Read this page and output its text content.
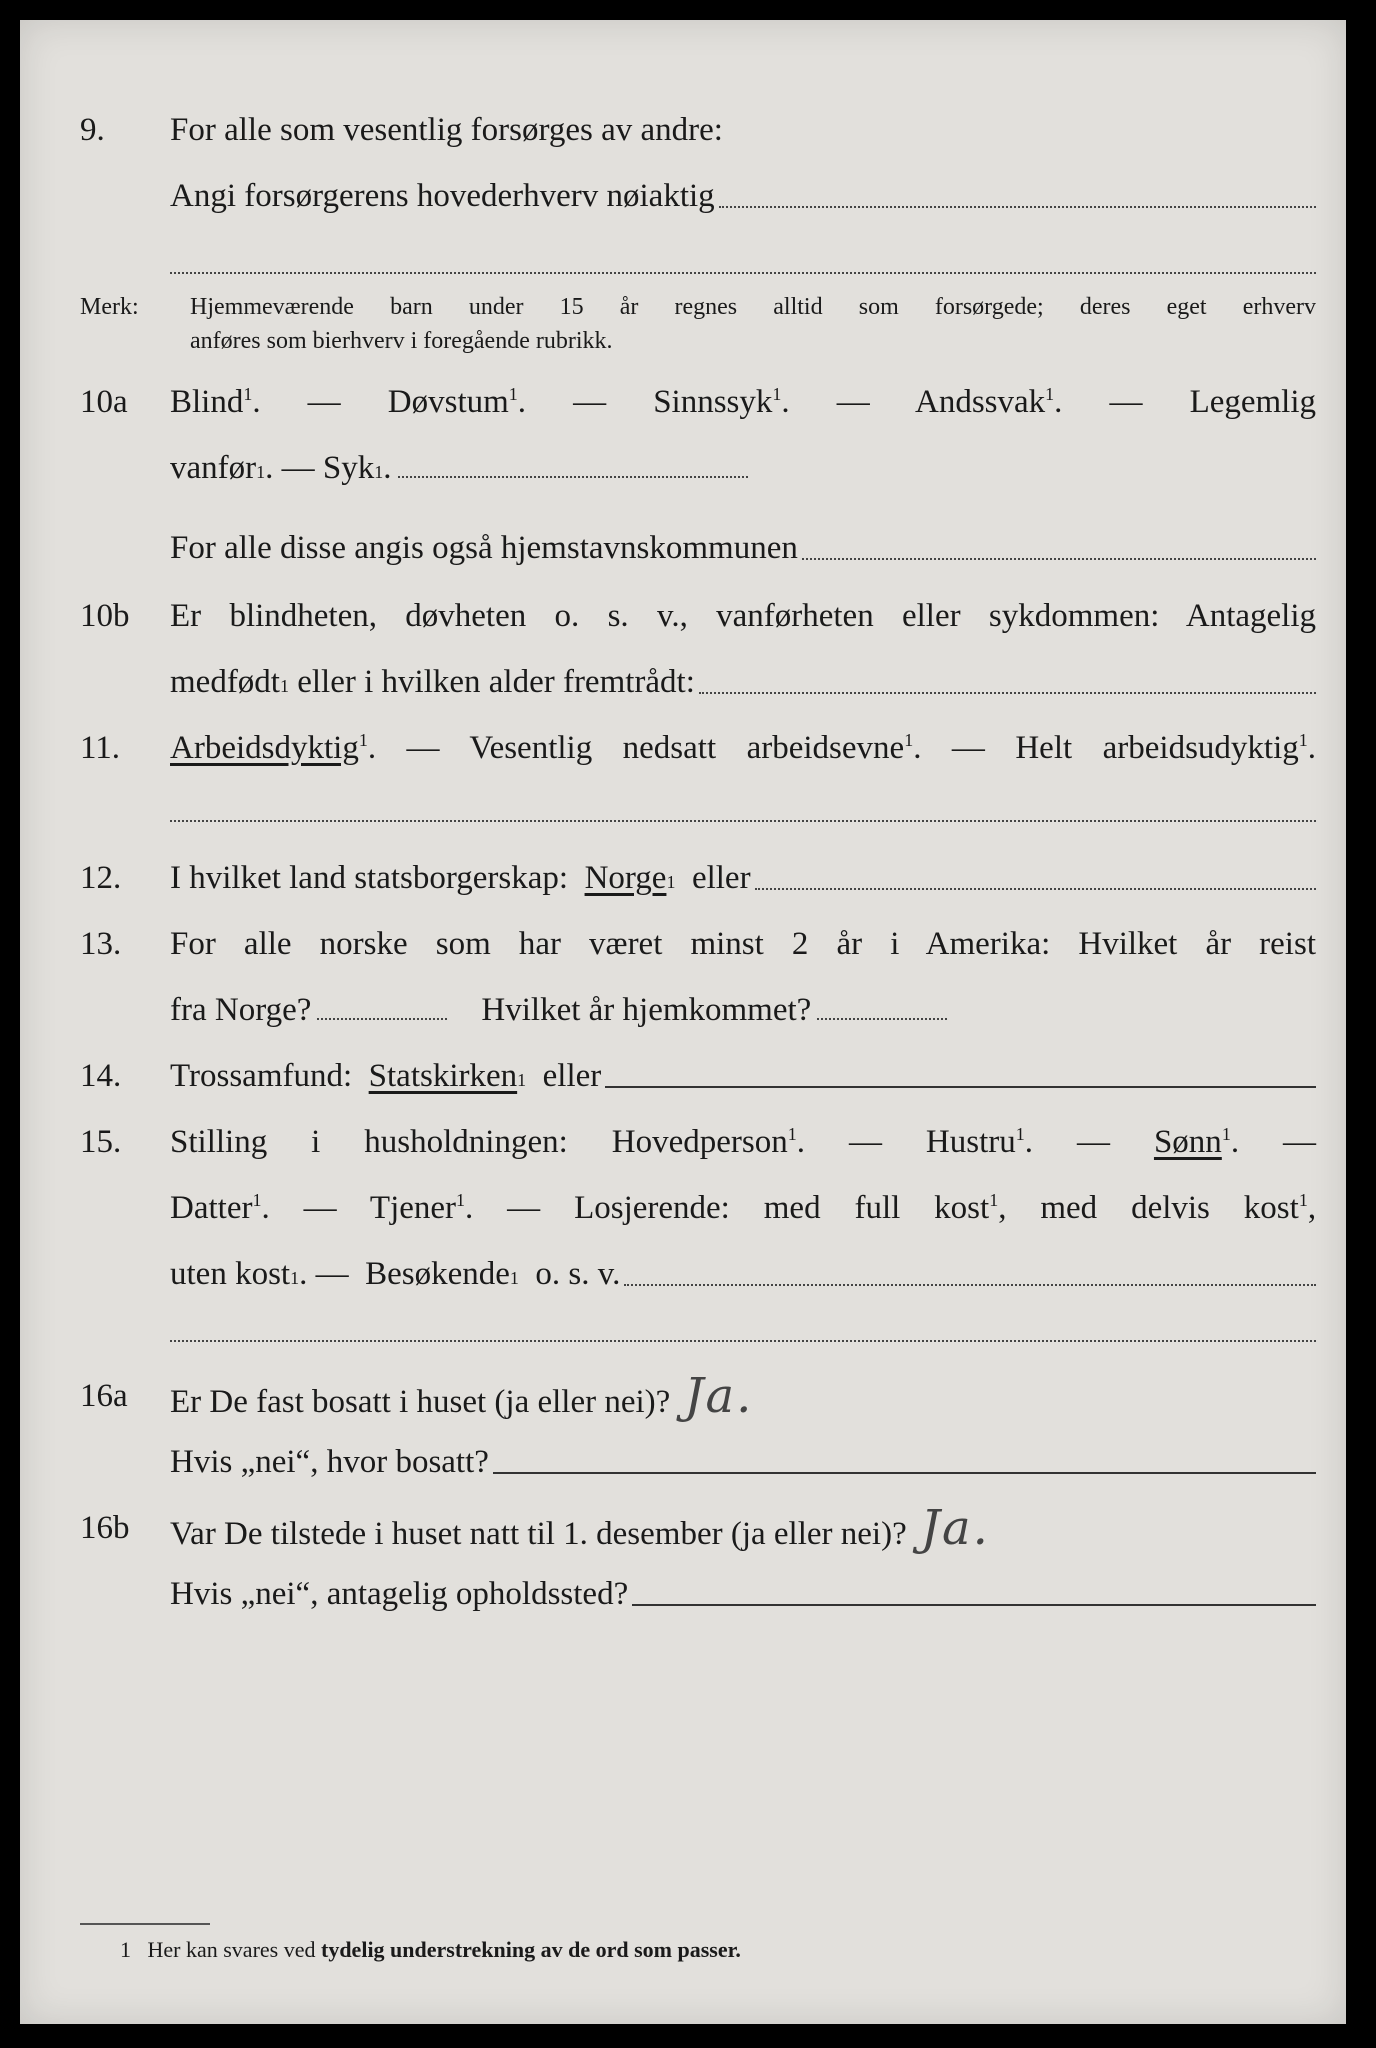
9. For alle som vesentlig forsørges av andre:
Angi forsørgerens hovederhverv nøiaktig
Merk: Hjemmeværende barn under 15 år regnes alltid som forsørgede; deres eget erhverv
anføres som bierhverv i foregående rubrikk.
10a Blind$^1$. — Døvstum$^1$. — Sinnssyk$^1$. — Andssvak$^1$. — Legemlig
vanfør 1 . — Syk 1 .
For alle disse angis også hjemstavnskommunen
10b Er blindheten, døvheten o. s. v., vanførheten eller sykdommen: Antagelig
medfødt 1
eller i hvilken alder fremtrådt:
11. Arbeidsdyktig$^1$. — Vesentlig nedsatt arbeidsevne$^1$. — Helt arbeidsudyktig$^1$.
12. I hvilket land statsborgerskap:
Norge 1
eller
13. For alle norske som har været minst 2 år i Amerika: Hvilket år reist
fra Norge?	Hvilket år hjemkommet?
14. Trossamfund:
Statskirken 1
eller
15. Stilling i husholdningen: Hovedperson$^1$. — Hustru$^1$. — Sønn$^1$. —
Datter$^1$. — Tjener$^1$. — Losjerende: med full kost$^1$, med delvis kost$^1$,
uten kost 1 . — Besøkende 1
o. s. v.
16a Er De fast bosatt i huset (ja eller nei)? Ja.
Hvis „nei“, hvor bosatt?
16b Var De tilstede i huset natt til 1. desember (ja eller nei)? Ja.
Hvis „nei“, antagelig opholdssted?
1 Her kan svares ved tydelig understrekning av de ord som passer.
